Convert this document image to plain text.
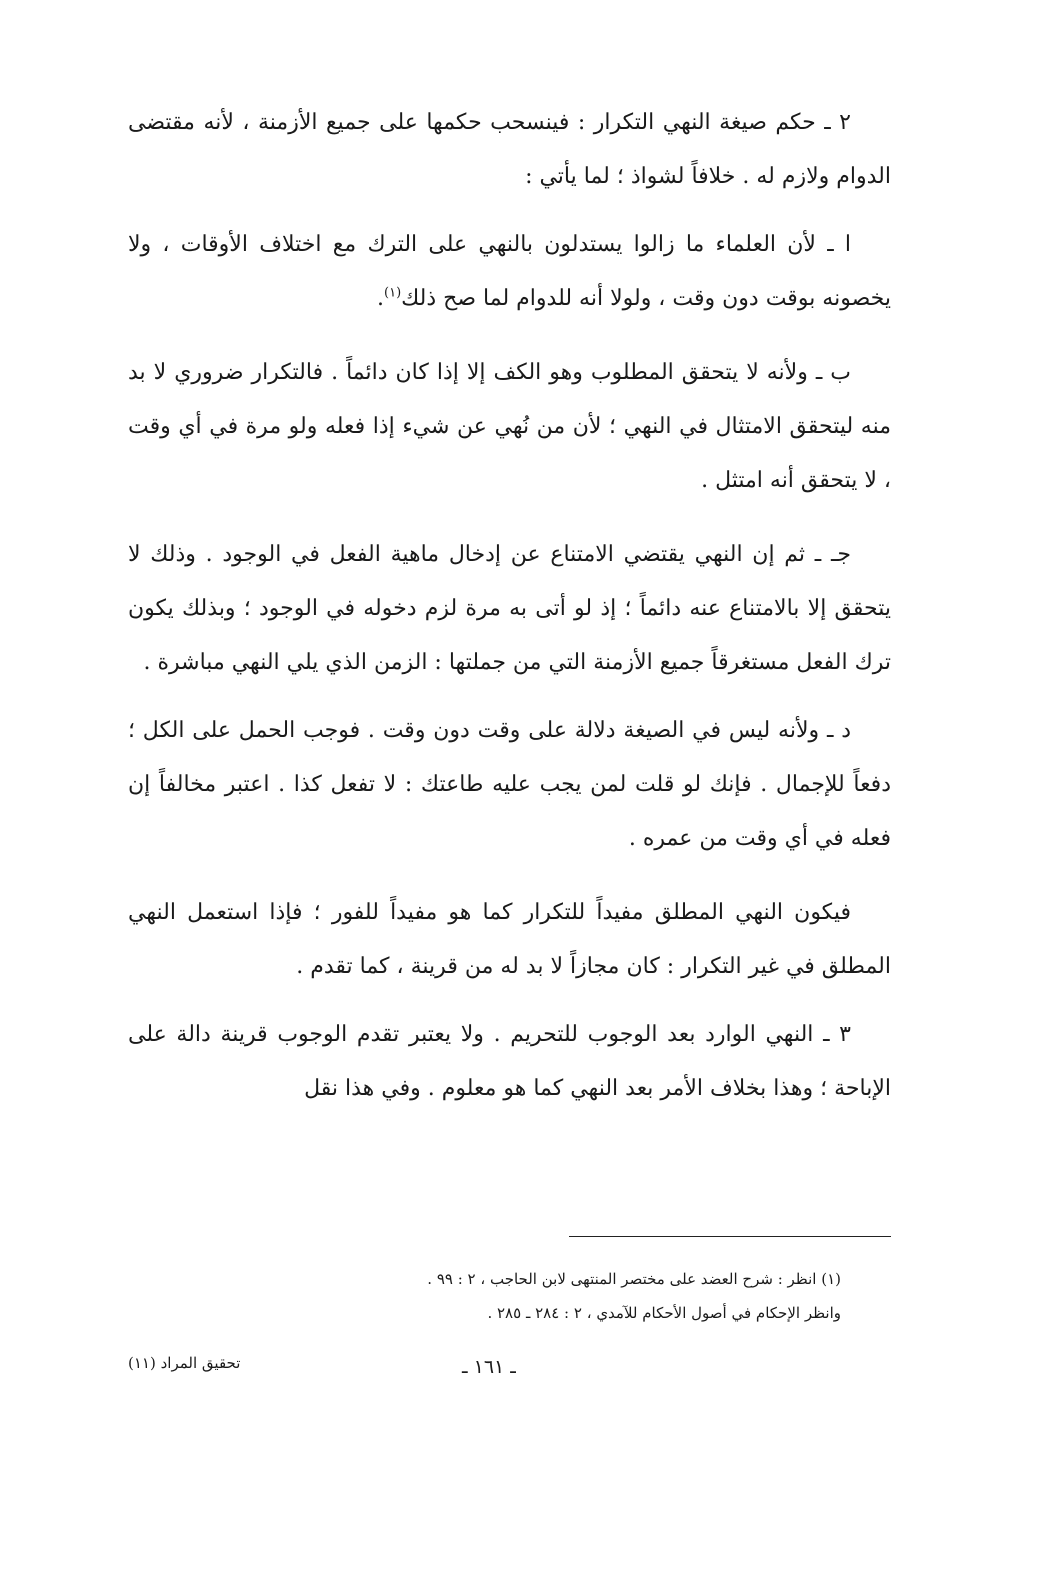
٢ ـ حكم صيغة النهي التكرار : فينسحب حكمها على جميع الأزمنة ، لأنه مقتضى الدوام ولازم له . خلافاً لشواذ ؛ لما يأتي :

ا ـ لأن العلماء ما زالوا يستدلون بالنهي على الترك مع اختلاف الأوقات ، ولا يخصونه بوقت دون وقت ، ولولا أنه للدوام لما صح ذلك$^{(١)}$.

ب ـ ولأنه لا يتحقق المطلوب وهو الكف إلا إذا كان دائماً . فالتكرار ضروري لا بد منه ليتحقق الامتثال في النهي ؛ لأن من نُهي عن شيء إذا فعله ولو مرة في أي وقت ، لا يتحقق أنه امتثل .

جـ ـ ثم إن النهي يقتضي الامتناع عن إدخال ماهية الفعل في الوجود . وذلك لا يتحقق إلا بالامتناع عنه دائماً ؛ إذ لو أتى به مرة لزم دخوله في الوجود ؛ وبذلك يكون ترك الفعل مستغرقاً جميع الأزمنة التي من جملتها : الزمن الذي يلي النهي مباشرة .

د ـ ولأنه ليس في الصيغة دلالة على وقت دون وقت . فوجب الحمل على الكل ؛ دفعاً للإجمال . فإنك لو قلت لمن يجب عليه طاعتك : لا تفعل كذا . اعتبر مخالفاً إن فعله في أي وقت من عمره .

فيكون النهي المطلق مفيداً للتكرار كما هو مفيداً للفور ؛ فإذا استعمل النهي المطلق في غير التكرار : كان مجازاً لا بد له من قرينة ، كما تقدم .

٣ ـ النهي الوارد بعد الوجوب للتحريم . ولا يعتبر تقدم الوجوب قرينة دالة على الإباحة ؛ وهذا بخلاف الأمر بعد النهي كما هو معلوم . وفي هذا نقل

(١) انظر : شرح العضد على مختصر المنتهى لابن الحاجب ، ٢ : ٩٩ .

وانظر الإحكام في أصول الأحكام للآمدي ، ٢ : ٢٨٤ ـ ٢٨٥ .

ـ ١٦١ ـ
تحقيق المراد (١١)
